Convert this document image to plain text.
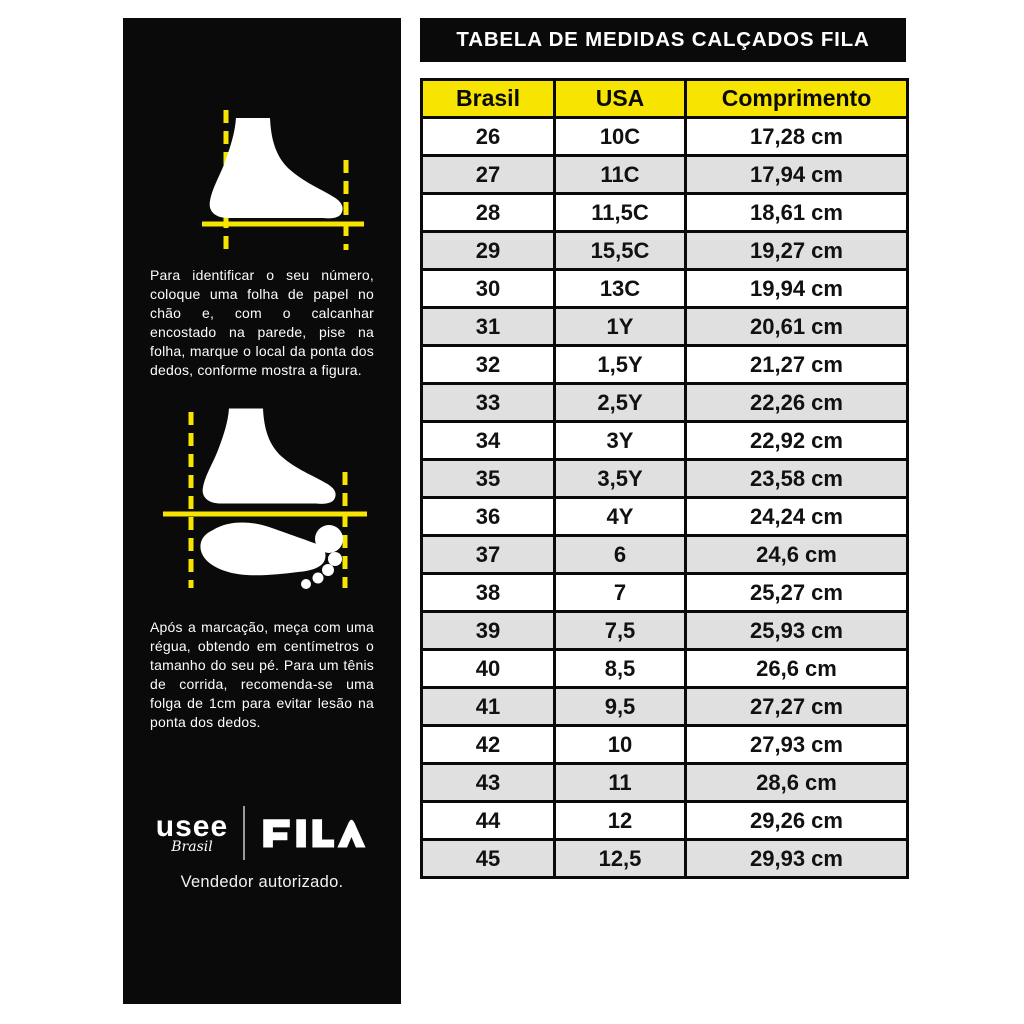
Para identificar o seu número, coloque uma folha de papel no chão e, com o calcanhar encostado na parede, pise na folha, marque o local da ponta dos dedos, conforme mostra a figura.

Após a marcação, meça com uma régua, obtendo em centímetros o tamanho do seu pé. Para um tênis de corrida, recomenda-se uma folga de 1cm para evitar lesão na ponta dos dedos.

usee
Brasil

Vendedor autorizado.

TABELA DE MEDIDAS CALÇADOS FILA
Brasil	USA	Comprimento
26	10C	17,28 cm
27	11C	17,94 cm
28	11,5C	18,61 cm
29	15,5C	19,27 cm
30	13C	19,94 cm
31	1Y	20,61 cm
32	1,5Y	21,27 cm
33	2,5Y	22,26 cm
34	3Y	22,92 cm
35	3,5Y	23,58 cm
36	4Y	24,24 cm
37	6	24,6 cm
38	7	25,27 cm
39	7,5	25,93 cm
40	8,5	26,6 cm
41	9,5	27,27 cm
42	10	27,93 cm
43	11	28,6 cm
44	12	29,26 cm
45	12,5	29,93 cm
